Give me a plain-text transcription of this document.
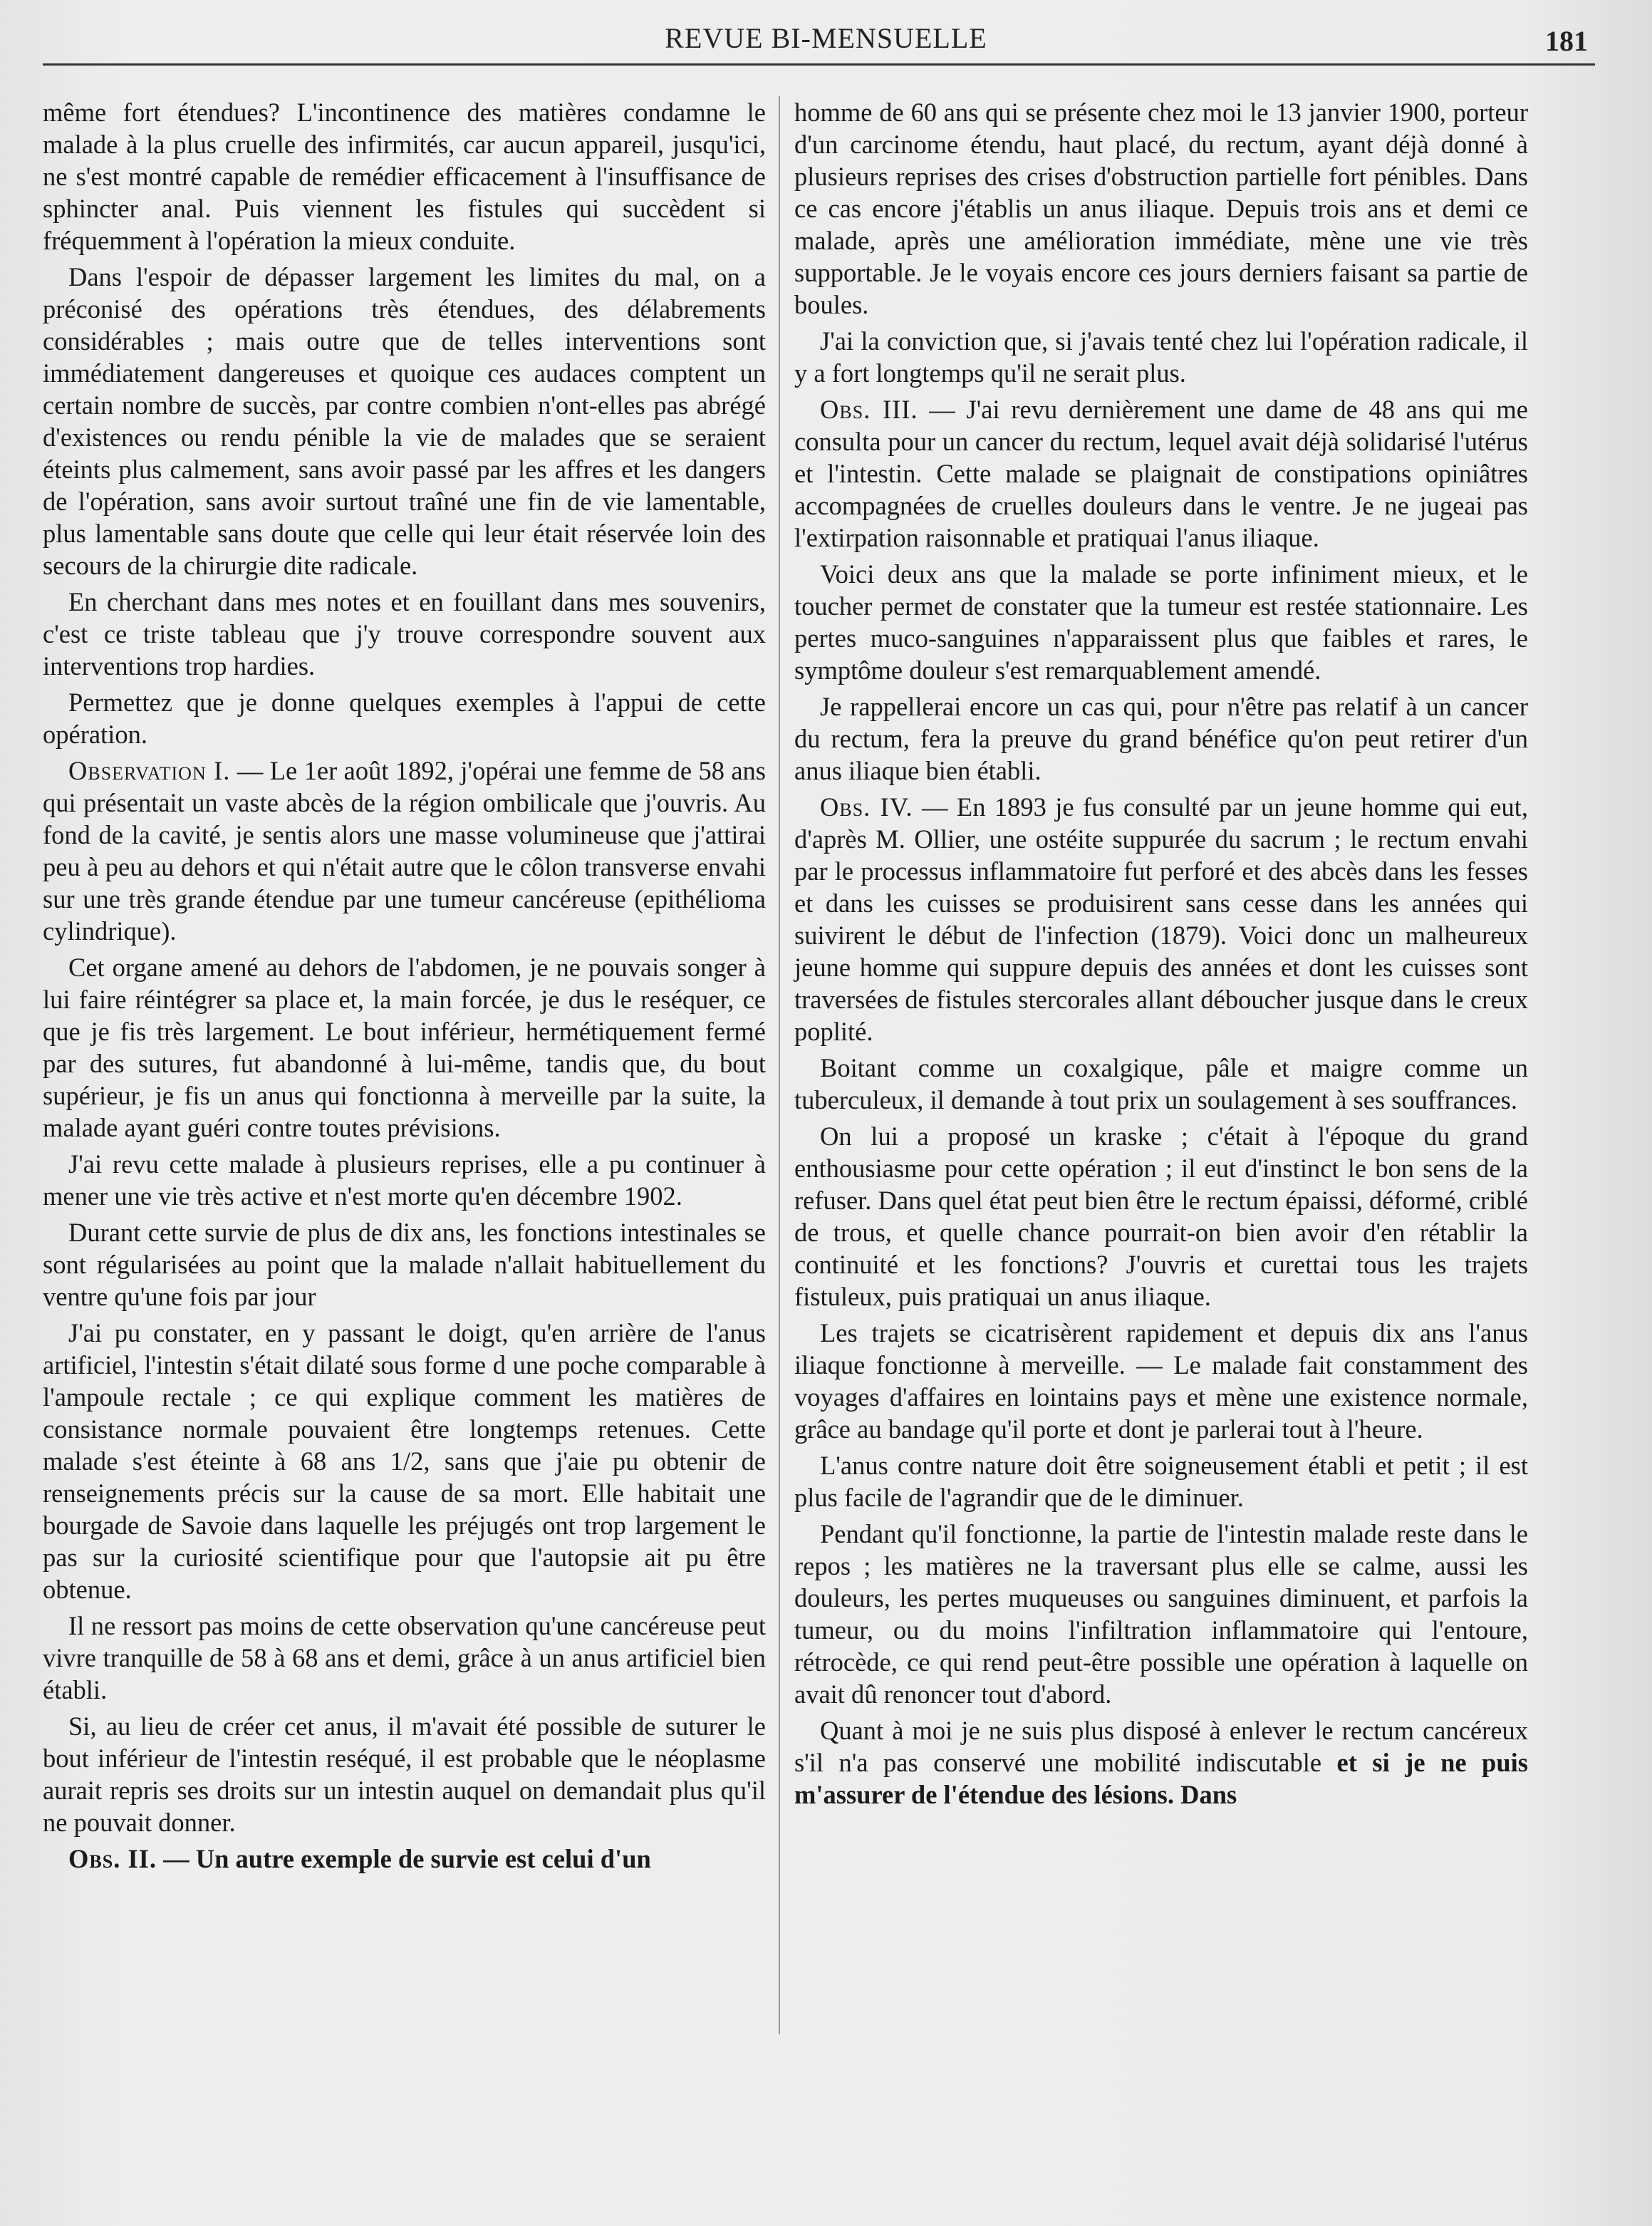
REVUE BI-MENSUELLE	181

même fort étendues? L'incontinence des matières condamne le malade à la plus cruelle des infirmités, car aucun appareil, jusqu'ici, ne s'est montré capable de remédier efficacement à l'insuffisance de sphincter anal. Puis viennent les fistules qui succèdent si fréquemment à l'opération la mieux conduite.

Dans l'espoir de dépasser largement les limites du mal, on a préconisé des opérations très étendues, des délabrements considérables ; mais outre que de telles interventions sont immédiatement dangereuses et quoique ces audaces comptent un certain nombre de succès, par contre combien n'ont-elles pas abrégé d'existences ou rendu pénible la vie de malades que se seraient éteints plus calmement, sans avoir passé par les affres et les dangers de l'opération, sans avoir surtout traîné une fin de vie lamentable, plus lamentable sans doute que celle qui leur était réservée loin des secours de la chirurgie dite radicale.

En cherchant dans mes notes et en fouillant dans mes souvenirs, c'est ce triste tableau que j'y trouve correspondre souvent aux interventions trop hardies.

Permettez que je donne quelques exemples à l'appui de cette opération.

Observation I. — Le 1er août 1892, j'opérai une femme de 58 ans qui présentait un vaste abcès de la région ombilicale que j'ouvris. Au fond de la cavité, je sentis alors une masse volumineuse que j'attirai peu à peu au dehors et qui n'était autre que le côlon transverse envahi sur une très grande étendue par une tumeur cancéreuse (epithélioma cylindrique).

Cet organe amené au dehors de l'abdomen, je ne pouvais songer à lui faire réintégrer sa place et, la main forcée, je dus le reséquer, ce que je fis très largement. Le bout inférieur, hermétiquement fermé par des sutures, fut abandonné à lui-même, tandis que, du bout supérieur, je fis un anus qui fonctionna à merveille par la suite, la malade ayant guéri contre toutes prévisions.

J'ai revu cette malade à plusieurs reprises, elle a pu continuer à mener une vie très active et n'est morte qu'en décembre 1902.

Durant cette survie de plus de dix ans, les fonctions intestinales se sont régularisées au point que la malade n'allait habituellement du ventre qu'une fois par jour

J'ai pu constater, en y passant le doigt, qu'en arrière de l'anus artificiel, l'intestin s'était dilaté sous forme d une poche comparable à l'ampoule rectale ; ce qui explique comment les matières de consistance normale pouvaient être longtemps retenues. Cette malade s'est éteinte à 68 ans 1/2, sans que j'aie pu obtenir de renseignements précis sur la cause de sa mort. Elle habitait une bourgade de Savoie dans laquelle les préjugés ont trop largement le pas sur la curiosité scientifique pour que l'autopsie ait pu être obtenue.

Il ne ressort pas moins de cette observation qu'une cancéreuse peut vivre tranquille de 58 à 68 ans et demi, grâce à un anus artificiel bien établi.

Si, au lieu de créer cet anus, il m'avait été possible de suturer le bout inférieur de l'intestin reséqué, il est probable que le néoplasme aurait repris ses droits sur un intestin auquel on demandait plus qu'il ne pouvait donner.

Obs. II. — Un autre exemple de survie est celui d'un

homme de 60 ans qui se présente chez moi le 13 janvier 1900, porteur d'un carcinome étendu, haut placé, du rectum, ayant déjà donné à plusieurs reprises des crises d'obstruction partielle fort pénibles. Dans ce cas encore j'établis un anus iliaque. Depuis trois ans et demi ce malade, après une amélioration immédiate, mène une vie très supportable. Je le voyais encore ces jours derniers faisant sa partie de boules.

J'ai la conviction que, si j'avais tenté chez lui l'opération radicale, il y a fort longtemps qu'il ne serait plus.

Obs. III. — J'ai revu dernièrement une dame de 48 ans qui me consulta pour un cancer du rectum, lequel avait déjà solidarisé l'utérus et l'intestin. Cette malade se plaignait de constipations opiniâtres accompagnées de cruelles douleurs dans le ventre. Je ne jugeai pas l'extirpation raisonnable et pratiquai l'anus iliaque.

Voici deux ans que la malade se porte infiniment mieux, et le toucher permet de constater que la tumeur est restée stationnaire. Les pertes muco-sanguines n'apparaissent plus que faibles et rares, le symptôme douleur s'est remarquablement amendé.

Je rappellerai encore un cas qui, pour n'être pas relatif à un cancer du rectum, fera la preuve du grand bénéfice qu'on peut retirer d'un anus iliaque bien établi.

Obs. IV. — En 1893 je fus consulté par un jeune homme qui eut, d'après M. Ollier, une ostéite suppurée du sacrum ; le rectum envahi par le processus inflammatoire fut perforé et des abcès dans les fesses et dans les cuisses se produisirent sans cesse dans les années qui suivirent le début de l'infection (1879). Voici donc un malheureux jeune homme qui suppure depuis des années et dont les cuisses sont traversées de fistules stercorales allant déboucher jusque dans le creux poplité.

Boitant comme un coxalgique, pâle et maigre comme un tuberculeux, il demande à tout prix un soulagement à ses souffrances.

On lui a proposé un kraske ; c'était à l'époque du grand enthousiasme pour cette opération ; il eut d'instinct le bon sens de la refuser. Dans quel état peut bien être le rectum épaissi, déformé, criblé de trous, et quelle chance pourrait-on bien avoir d'en rétablir la continuité et les fonctions? J'ouvris et curettai tous les trajets fistuleux, puis pratiquai un anus iliaque.

Les trajets se cicatrisèrent rapidement et depuis dix ans l'anus iliaque fonctionne à merveille. — Le malade fait constamment des voyages d'affaires en lointains pays et mène une existence normale, grâce au bandage qu'il porte et dont je parlerai tout à l'heure.

L'anus contre nature doit être soigneusement établi et petit ; il est plus facile de l'agrandir que de le diminuer.

Pendant qu'il fonctionne, la partie de l'intestin malade reste dans le repos ; les matières ne la traversant plus elle se calme, aussi les douleurs, les pertes muqueuses ou sanguines diminuent, et parfois la tumeur, ou du moins l'infiltration inflammatoire qui l'entoure, rétrocède, ce qui rend peut-être possible une opération à laquelle on avait dû renoncer tout d'abord.

Quant à moi je ne suis plus disposé à enlever le rectum cancéreux s'il n'a pas conservé une mobilité indiscutable et si je ne puis m'assurer de l'étendue des lésions. Dans
